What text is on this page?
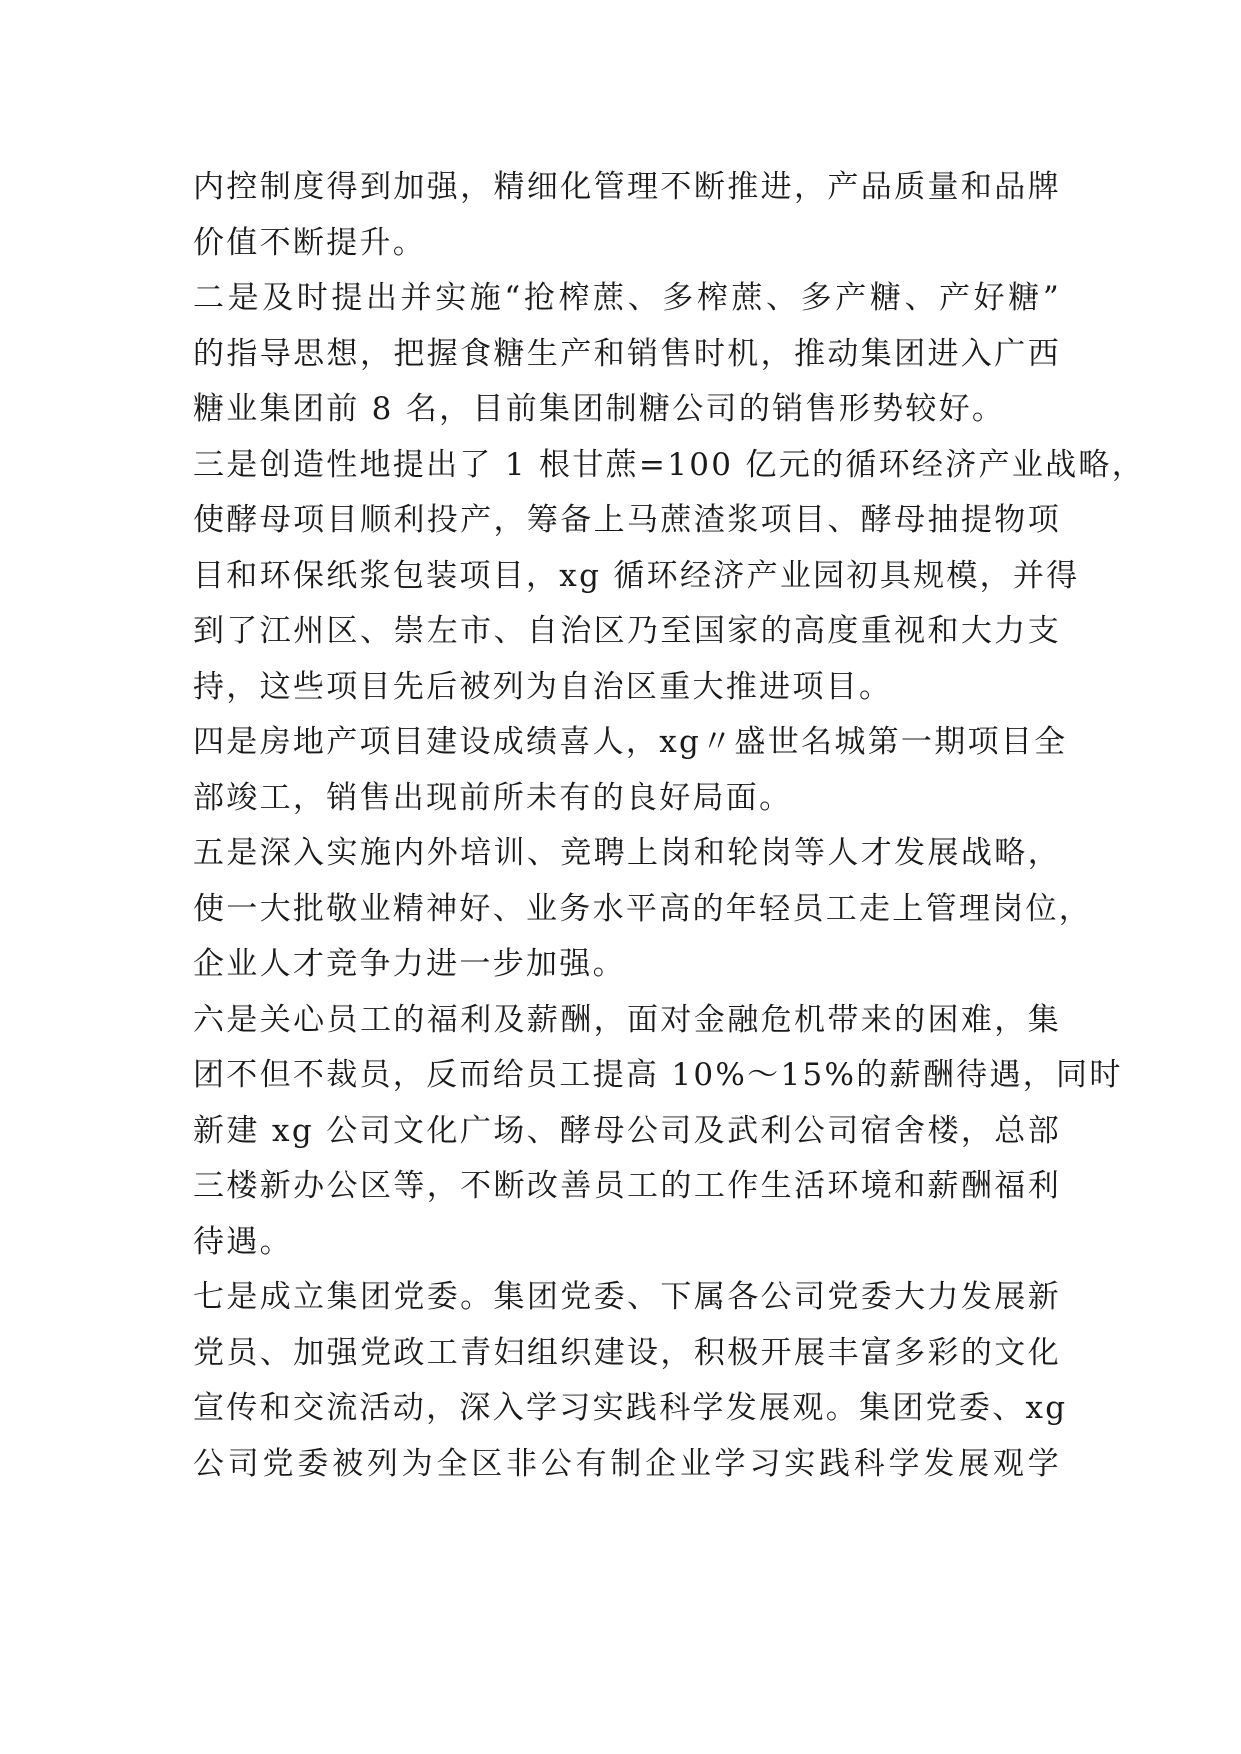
内控制度得到加强，精细化管理不断推进，产品质量和品牌
价值不断提升。

二是及时提出并实施“抢榨蔗、多榨蔗、多产糖、产好糖”
的指导思想，把握食糖生产和销售时机，推动集团进入广西
糖业集团前 8 名，目前集团制糖公司的销售形势较好。

三是创造性地提出了 1 根甘蔗=100 亿元的循环经济产业战略，
使酵母项目顺利投产，筹备上马蔗渣浆项目、酵母抽提物项
目和环保纸浆包装项目，xg 循环经济产业园初具规模，并得
到了江州区、崇左市、自治区乃至国家的高度重视和大力支
持，这些项目先后被列为自治区重大推进项目。

四是房地产项目建设成绩喜人，xg〃盛世名城第一期项目全
部竣工，销售出现前所未有的良好局面。

五是深入实施内外培训、竞聘上岗和轮岗等人才发展战略，
使一大批敬业精神好、业务水平高的年轻员工走上管理岗位，
企业人才竞争力进一步加强。

六是关心员工的福利及薪酬，面对金融危机带来的困难，集
团不但不裁员，反而给员工提高 10%～15%的薪酬待遇，同时
新建 xg 公司文化广场、酵母公司及武利公司宿舍楼，总部
三楼新办公区等，不断改善员工的工作生活环境和薪酬福利
待遇。

七是成立集团党委。集团党委、下属各公司党委大力发展新
党员、加强党政工青妇组织建设，积极开展丰富多彩的文化
宣传和交流活动，深入学习实践科学发展观。集团党委、xg
公司党委被列为全区非公有制企业学习实践科学发展观学
